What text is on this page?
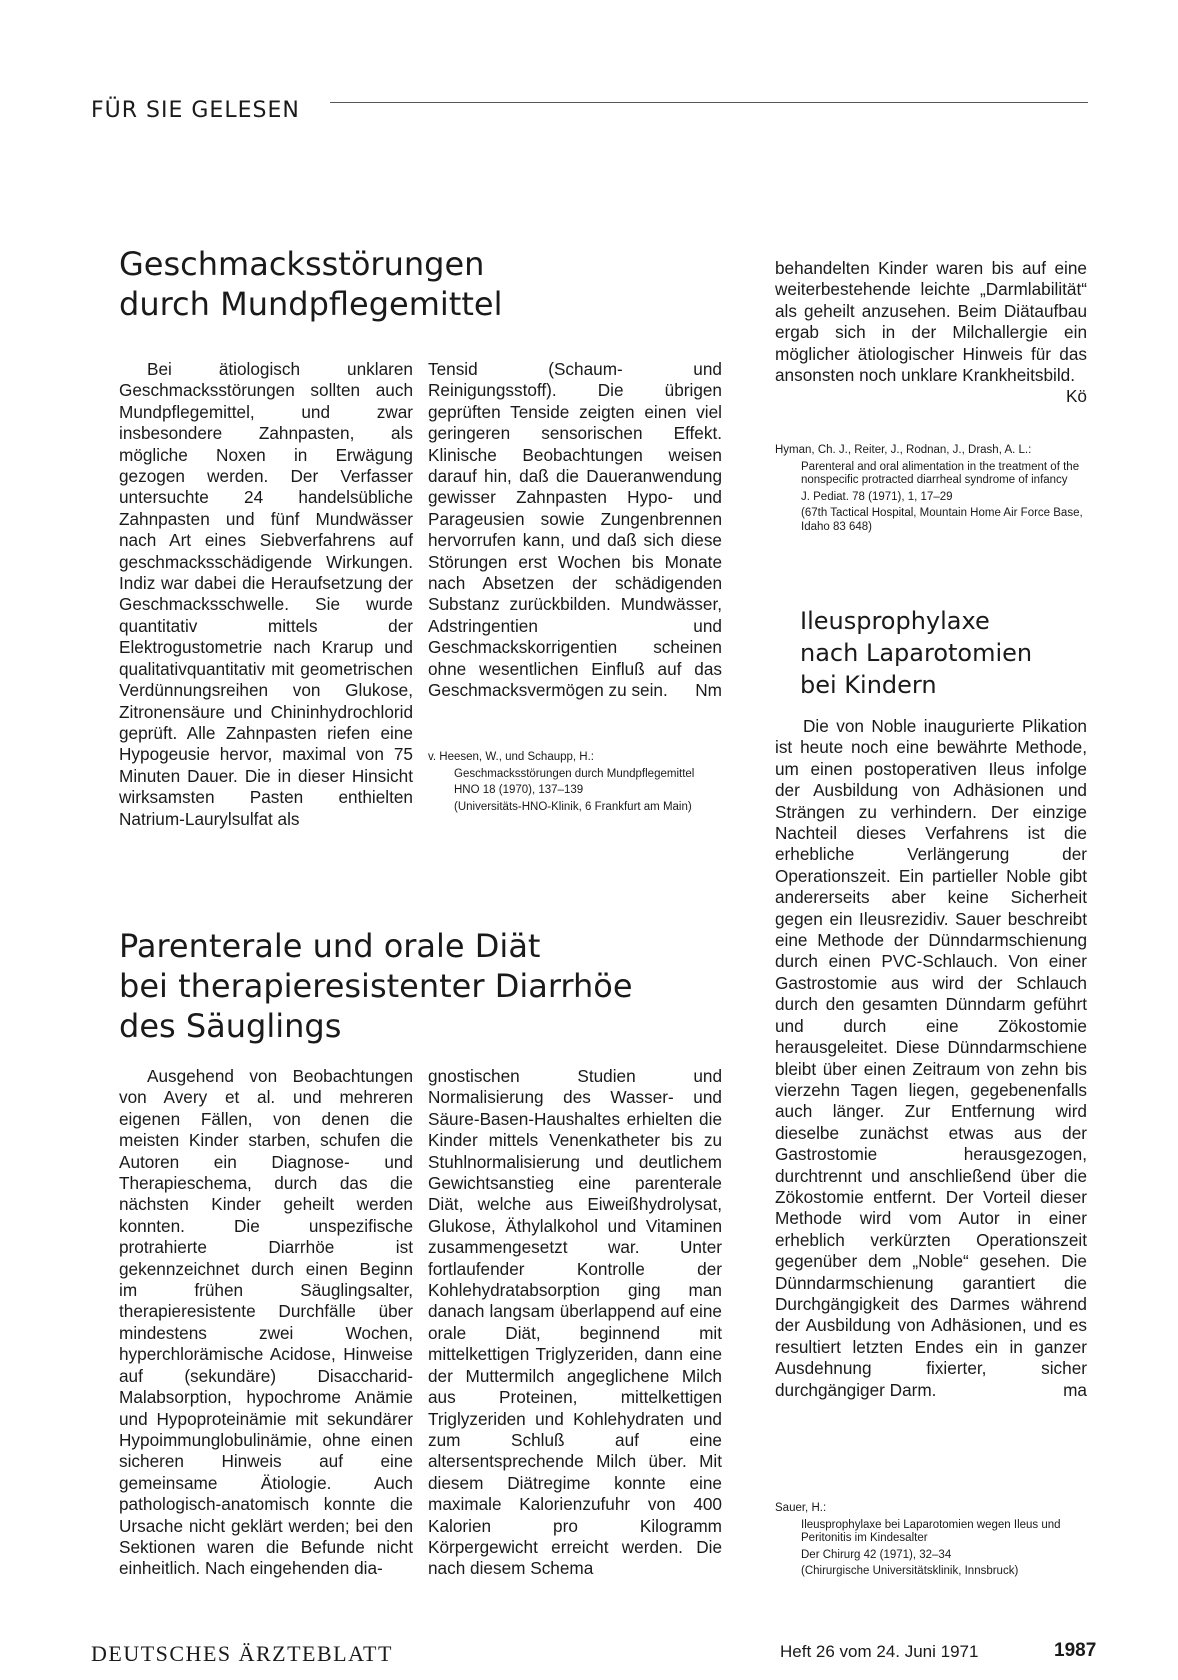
FÜR SIE GELESEN
Geschmacksstörungen
durch Mundpflegemittel

Bei ätiologisch unklaren Geschmacksstörungen sollten auch Mundpflegemittel, und zwar insbesondere Zahnpasten, als mögliche Noxen in Erwägung gezogen werden. Der Verfasser untersuchte 24 handelsübliche Zahnpasten und fünf Mundwässer nach Art eines Siebverfahrens auf geschmacksschädigende Wirkungen. Indiz war dabei die Heraufsetzung der Geschmacksschwelle. Sie wurde quantitativ mittels der Elektrogustometrie nach Krarup und qualitativquantitativ mit geometrischen Verdünnungsreihen von Glukose, Zitronensäure und Chininhydrochlorid geprüft. Alle Zahnpasten riefen eine Hypogeusie hervor, maximal von 75 Minuten Dauer. Die in dieser Hinsicht wirksamsten Pasten enthielten Natrium-Laurylsulfat als

Tensid (Schaum- und Reinigungsstoff). Die übrigen geprüften Tenside zeigten einen viel geringeren sensorischen Effekt. Klinische Beobachtungen weisen darauf hin, daß die Daueranwendung gewisser Zahnpasten Hypo- und Parageusien sowie Zungenbrennen hervorrufen kann, und daß sich diese Störungen erst Wochen bis Monate nach Absetzen der schädigenden Substanz zurückbilden. Mundwässer, Adstringentien und Geschmackskorrigentien scheinen ohne wesentlichen Einfluß auf das Geschmacksvermögen zu sein. Nm

v. Heesen, W., und Schaupp, H.:

Geschmacksstörungen durch Mundpflegemittel

HNO 18 (1970), 137–139

(Universitäts-HNO-Klinik, 6 Frankfurt am Main)

Parenterale und orale Diät
bei therapieresistenter Diarrhöe
des Säuglings

Ausgehend von Beobachtungen von Avery et al. und mehreren eigenen Fällen, von denen die meisten Kinder starben, schufen die Autoren ein Diagnose- und Therapieschema, durch das die nächsten Kinder geheilt werden konnten. Die unspezifische protrahierte Diarrhöe ist gekennzeichnet durch einen Beginn im frühen Säuglingsalter, therapieresistente Durchfälle über mindestens zwei Wochen, hyperchlorämische Acidose, Hinweise auf (sekundäre) Disaccharid-Malabsorption, hypochrome Anämie und Hypoproteinämie mit sekundärer Hypoimmunglobulinämie, ohne einen sicheren Hinweis auf eine gemeinsame Ätiologie. Auch pathologisch-anatomisch konnte die Ursache nicht geklärt werden; bei den Sektionen waren die Befunde nicht einheitlich. Nach eingehenden dia-

gnostischen Studien und Normalisierung des Wasser- und Säure-Basen-Haushaltes erhielten die Kinder mittels Venenkatheter bis zu Stuhlnormalisierung und deutlichem Gewichtsanstieg eine parenterale Diät, welche aus Eiweißhydrolysat, Glukose, Äthylalkohol und Vitaminen zusammengesetzt war. Unter fortlaufender Kontrolle der Kohlehydratabsorption ging man danach langsam überlappend auf eine orale Diät, beginnend mit mittelkettigen Triglyzeriden, dann eine der Muttermilch angeglichene Milch aus Proteinen, mittelkettigen Triglyzeriden und Kohlehydraten und zum Schluß auf eine altersentsprechende Milch über. Mit diesem Diätregime konnte eine maximale Kalorienzufuhr von 400 Kalorien pro Kilogramm Körpergewicht erreicht werden. Die nach diesem Schema

behandelten Kinder waren bis auf eine weiterbestehende leichte „Darmlabilität“ als geheilt anzusehen. Beim Diätaufbau ergab sich in der Milchallergie ein möglicher ätiologischer Hinweis für das ansonsten noch unklare Krankheitsbild.
Kö

Hyman, Ch. J., Reiter, J., Rodnan, J., Drash, A. L.:

Parenteral and oral alimentation in the treatment of the nonspecific protracted diarrheal syndrome of infancy

J. Pediat. 78 (1971), 1, 17–29

(67th Tactical Hospital, Mountain Home Air Force Base, Idaho 83 648)

Ileusprophylaxe
nach Laparotomien
bei Kindern

Die von Noble inaugurierte Plikation ist heute noch eine bewährte Methode, um einen postoperativen Ileus infolge der Ausbildung von Adhäsionen und Strängen zu verhindern. Der einzige Nachteil dieses Verfahrens ist die erhebliche Verlängerung der Operationszeit. Ein partieller Noble gibt andererseits aber keine Sicherheit gegen ein Ileusrezidiv. Sauer beschreibt eine Methode der Dünndarmschienung durch einen PVC-Schlauch. Von einer Gastrostomie aus wird der Schlauch durch den gesamten Dünndarm geführt und durch eine Zökostomie herausgeleitet. Diese Dünndarmschiene bleibt über einen Zeitraum von zehn bis vierzehn Tagen liegen, gegebenenfalls auch länger. Zur Entfernung wird dieselbe zunächst etwas aus der Gastrostomie herausgezogen, durchtrennt und anschließend über die Zökostomie entfernt. Der Vorteil dieser Methode wird vom Autor in einer erheblich verkürzten Operationszeit gegenüber dem „Noble“ gesehen. Die Dünndarmschienung garantiert die Durchgängigkeit des Darmes während der Ausbildung von Adhäsionen, und es resultiert letzten Endes ein in ganzer Ausdehnung fixierter, sicher durchgängiger Darm.	ma

Sauer, H.:

Ileusprophylaxe bei Laparotomien wegen Ileus und Peritonitis im Kindesalter

Der Chirurg 42 (1971), 32–34

(Chirurgische Universitätsklinik, Innsbruck)

DEUTSCHES ÄRZTEBLATT	Heft 26 vom 24. Juni 1971	1987
